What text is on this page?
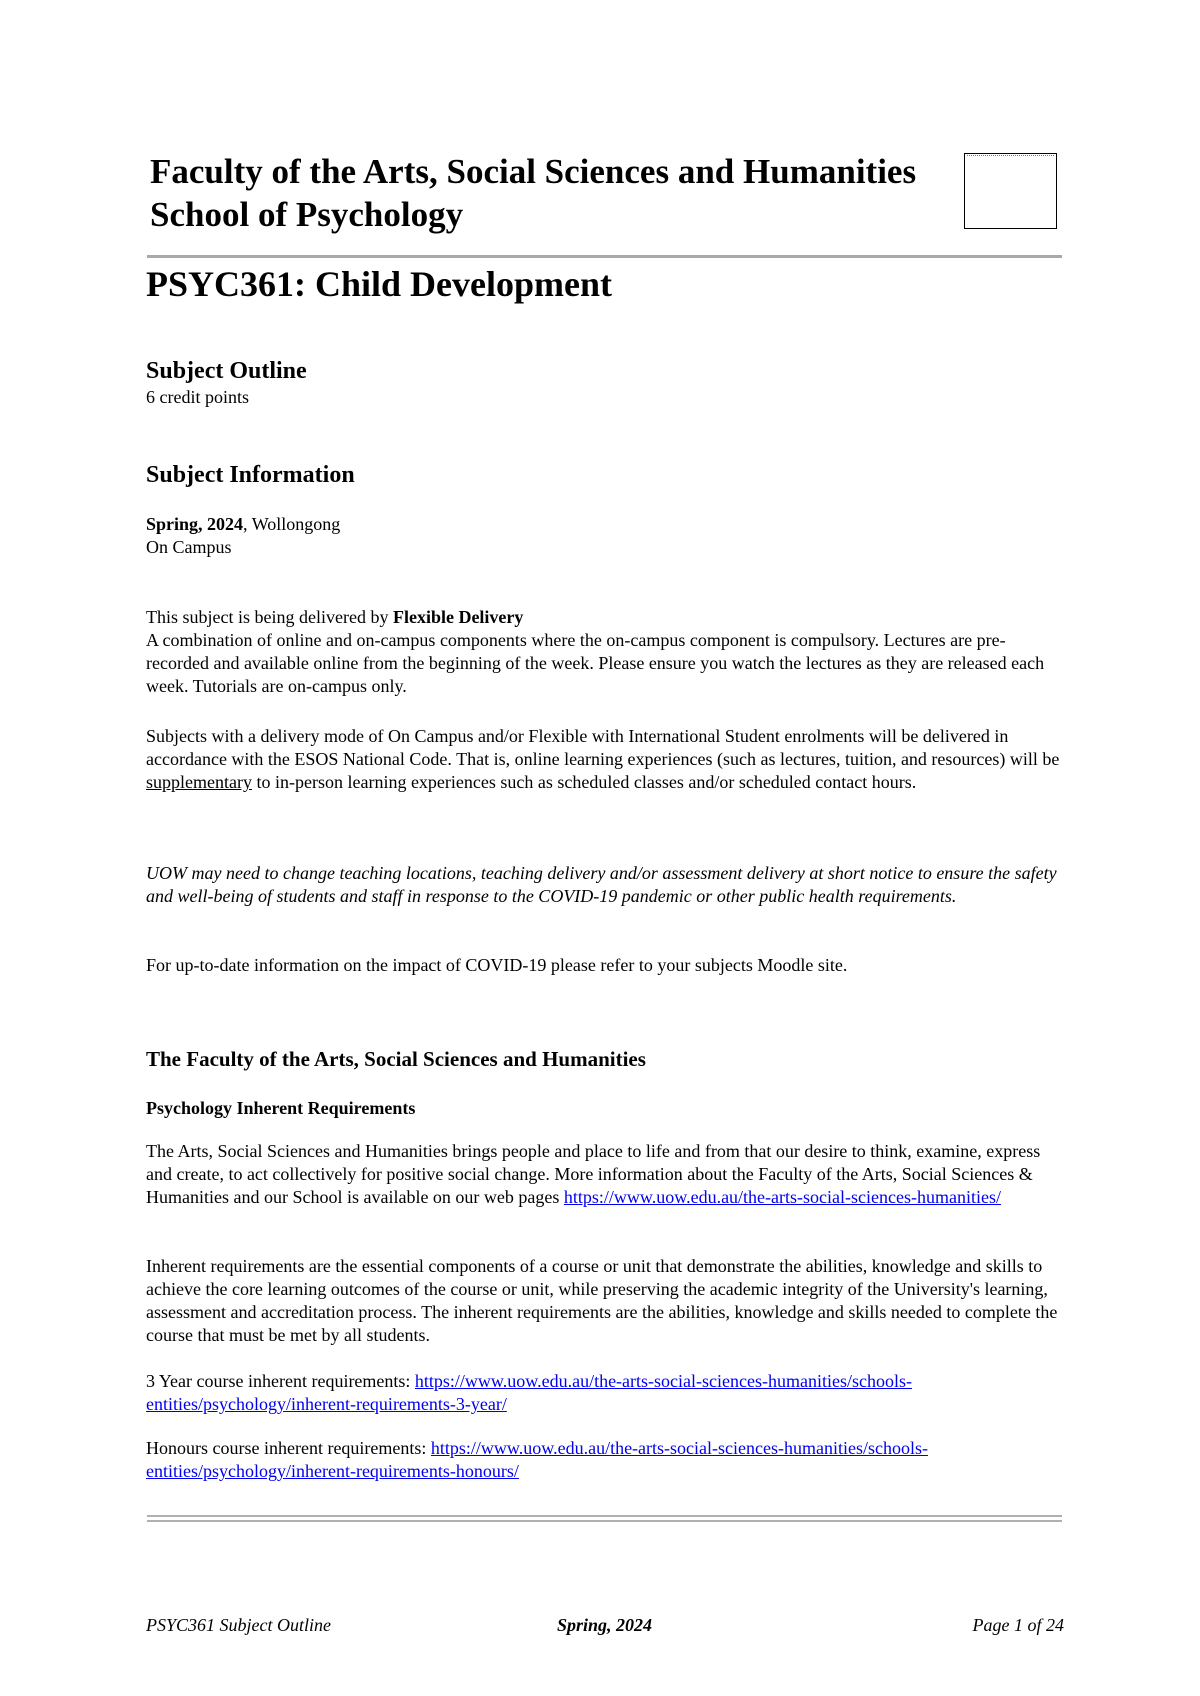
Faculty of the Arts, Social Sciences and Humanities
School of Psychology
PSYC361: Child Development
Subject Outline
6 credit points
Subject Information
Spring, 2024, Wollongong
On Campus
This subject is being delivered by Flexible Delivery
A combination of online and on-campus components where the on-campus component is compulsory. Lectures are pre-recorded and available online from the beginning of the week. Please ensure you watch the lectures as they are released each week. Tutorials are on-campus only.
Subjects with a delivery mode of On Campus and/or Flexible with International Student enrolments will be delivered in accordance with the ESOS National Code. That is, online learning experiences (such as lectures, tuition, and resources) will be supplementary to in-person learning experiences such as scheduled classes and/or scheduled contact hours.
UOW may need to change teaching locations, teaching delivery and/or assessment delivery at short notice to ensure the safety and well-being of students and staff in response to the COVID-19 pandemic or other public health requirements.
For up-to-date information on the impact of COVID-19 please refer to your subjects Moodle site.
The Faculty of the Arts, Social Sciences and Humanities
Psychology Inherent Requirements
The Arts, Social Sciences and Humanities brings people and place to life and from that our desire to think, examine, express and create, to act collectively for positive social change. More information about the Faculty of the Arts, Social Sciences & Humanities and our School is available on our web pages https://www.uow.edu.au/the-arts-social-sciences-humanities/
Inherent requirements are the essential components of a course or unit that demonstrate the abilities, knowledge and skills to achieve the core learning outcomes of the course or unit, while preserving the academic integrity of the University's learning, assessment and accreditation process. The inherent requirements are the abilities, knowledge and skills needed to complete the course that must be met by all students.
3 Year course inherent requirements: https://www.uow.edu.au/the-arts-social-sciences-humanities/schools-entities/psychology/inherent-requirements-3-year/
Honours course inherent requirements: https://www.uow.edu.au/the-arts-social-sciences-humanities/schools-entities/psychology/inherent-requirements-honours/
PSYC361 Subject Outline	Spring, 2024	Page 1 of 24
